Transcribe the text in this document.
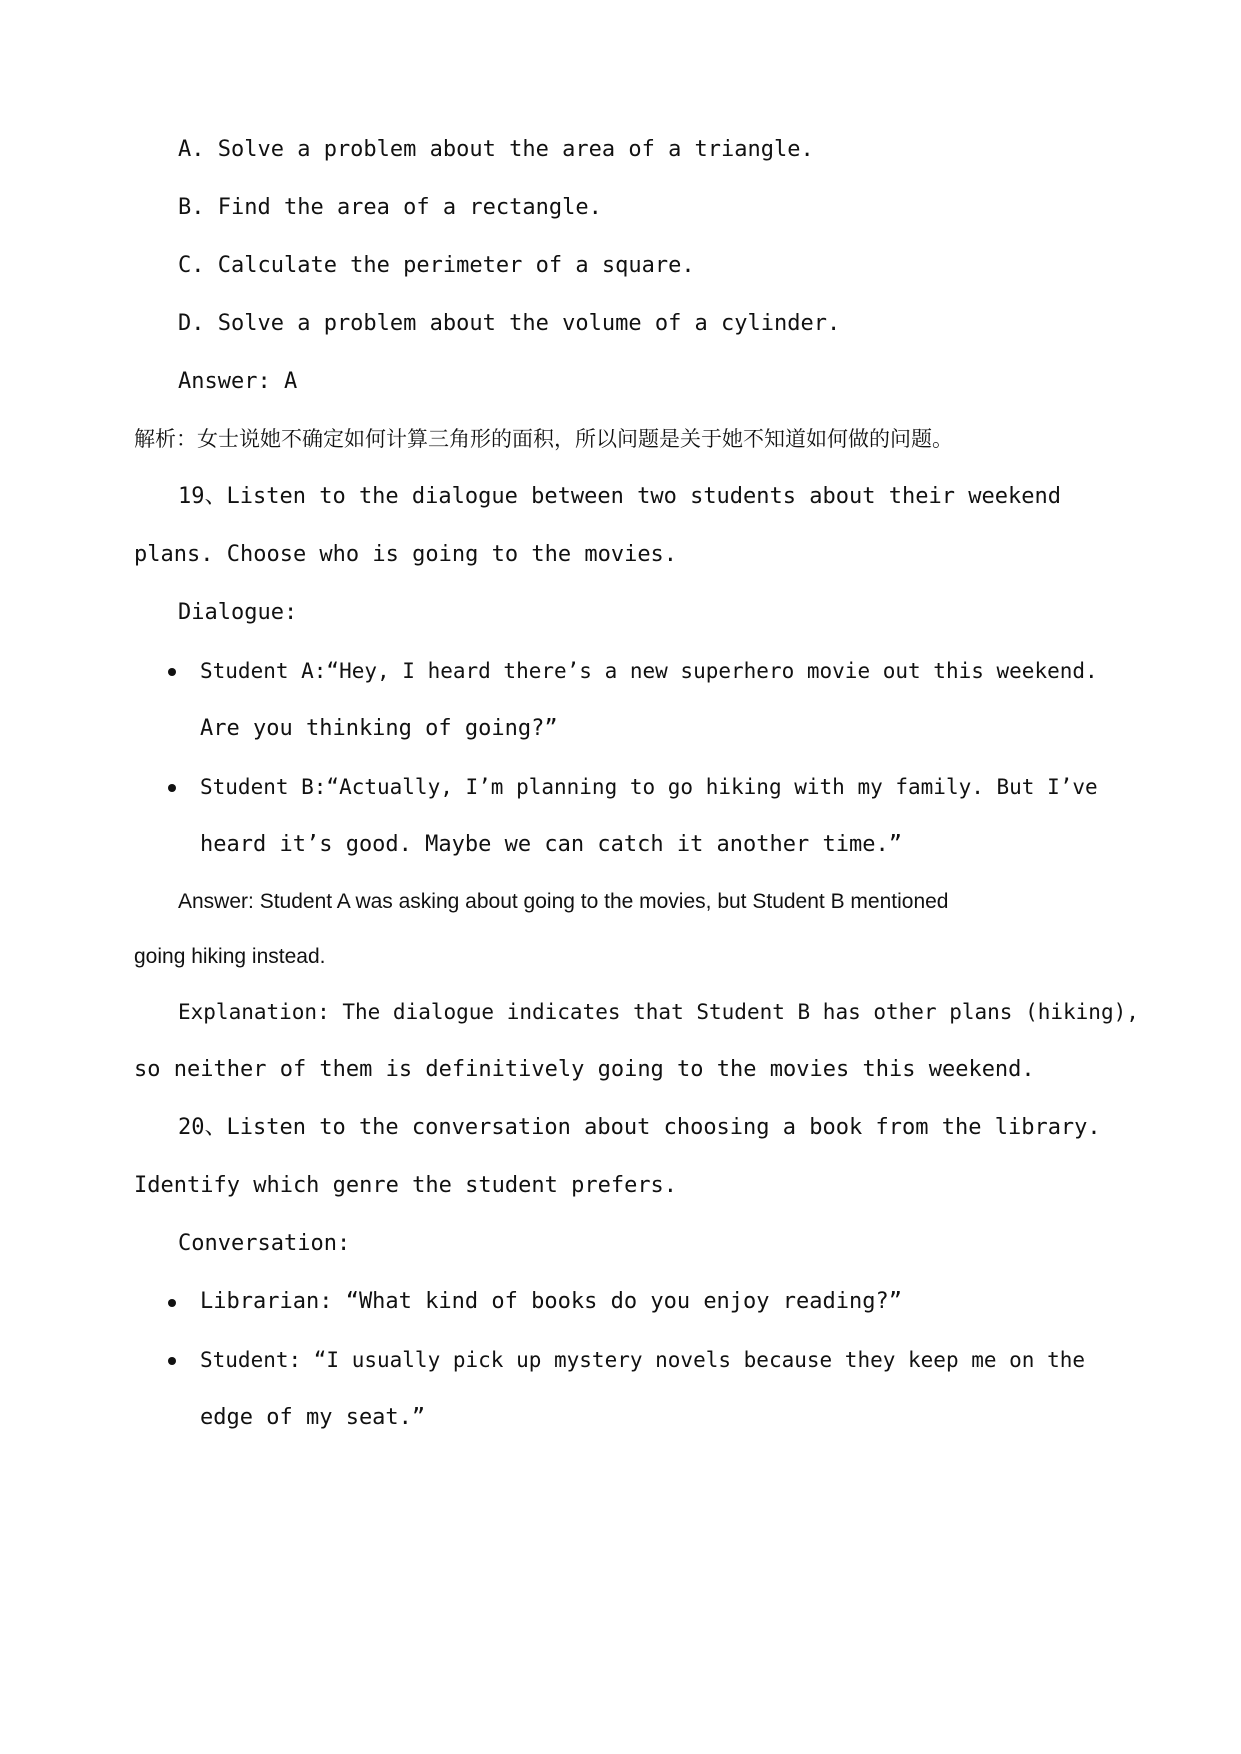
A. Solve a problem about the area of a triangle.
B. Find the area of a rectangle.
C. Calculate the perimeter of a square.
D. Solve a problem about the volume of a cylinder.
Answer: A
解析：女士说她不确定如何计算三角形的面积，所以问题是关于她不知道如何做的问题。
19、Listen to the dialogue between two students about their weekend
plans. Choose who is going to the movies.
Dialogue:
Student A:“Hey, I heard there’s a new superhero movie out this weekend.
Are you thinking of going?”
Student B:“Actually, I’m planning to go hiking with my family. But I’ve
heard it’s good. Maybe we can catch it another time.”
Answer: Student A was asking about going to the movies, but Student B mentioned
going hiking instead.
Explanation: The dialogue indicates that Student B has other plans (hiking),
so neither of them is definitively going to the movies this weekend.
20、Listen to the conversation about choosing a book from the library.
Identify which genre the student prefers.
Conversation:
Librarian: “What kind of books do you enjoy reading?”
Student: “I usually pick up mystery novels because they keep me on the
edge of my seat.”
